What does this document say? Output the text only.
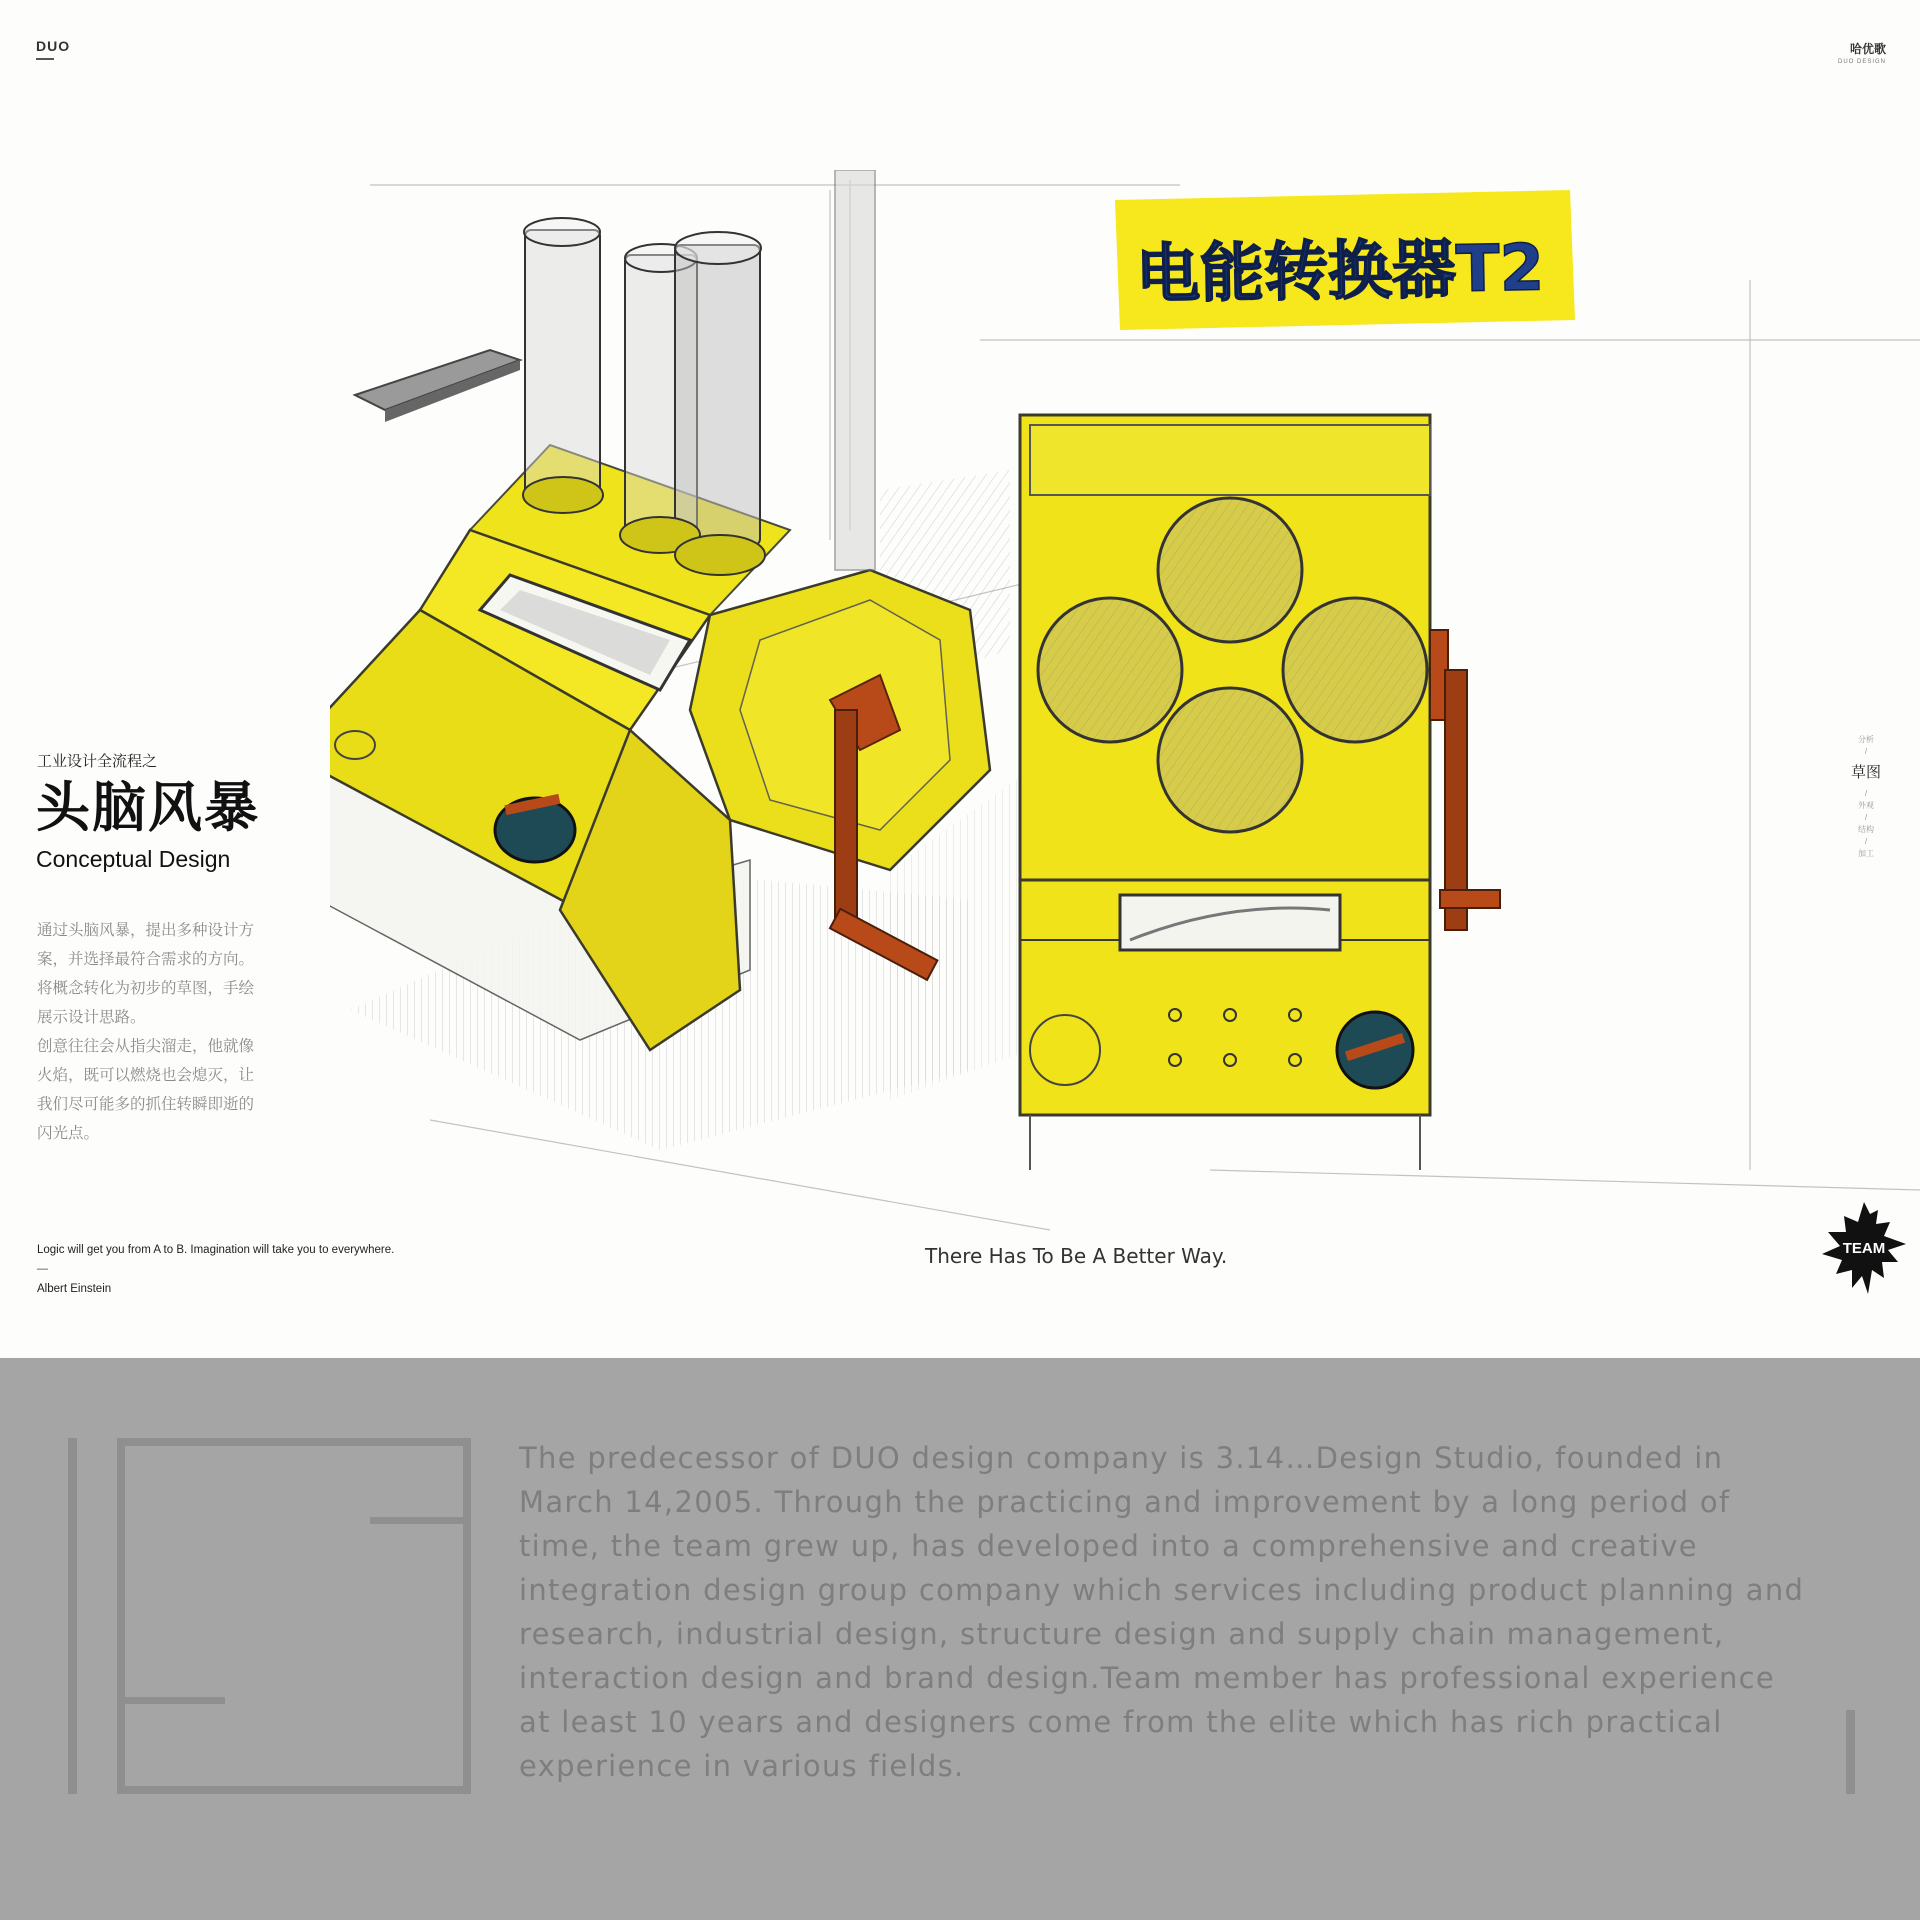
DUO	哈优歌
DUO DESIGN
电能转换器T2
工业设计全流程之
头脑风暴
Conceptual Design

通过头脑风暴，提出多种设计方

案，并选择最符合需求的方向。

将概念转化为初步的草图，手绘

展示设计思路。

创意往往会从指尖溜走，他就像

火焰，既可以燃烧也会熄灭，让

我们尽可能多的抓住转瞬即逝的

闪光点。

分析
/
草图
/
外观
/
结构
/
加工
Logic will get you from A to B. Imagination will take you to everywhere.
—
Albert Einstein
There Has To Be A Better Way.	TEAM

The predecessor of DUO design company is 3.14…Design Studio, founded in March 14,2005. Through the practicing and improvement by a long period of time, the team grew up, has developed into a comprehensive and creative integration design group company which services including product planning and research, industrial design, structure design and supply chain management, interaction design and brand design.Team member has professional experience at least 10 years and designers come from the elite which has rich practical experience in various fields.
